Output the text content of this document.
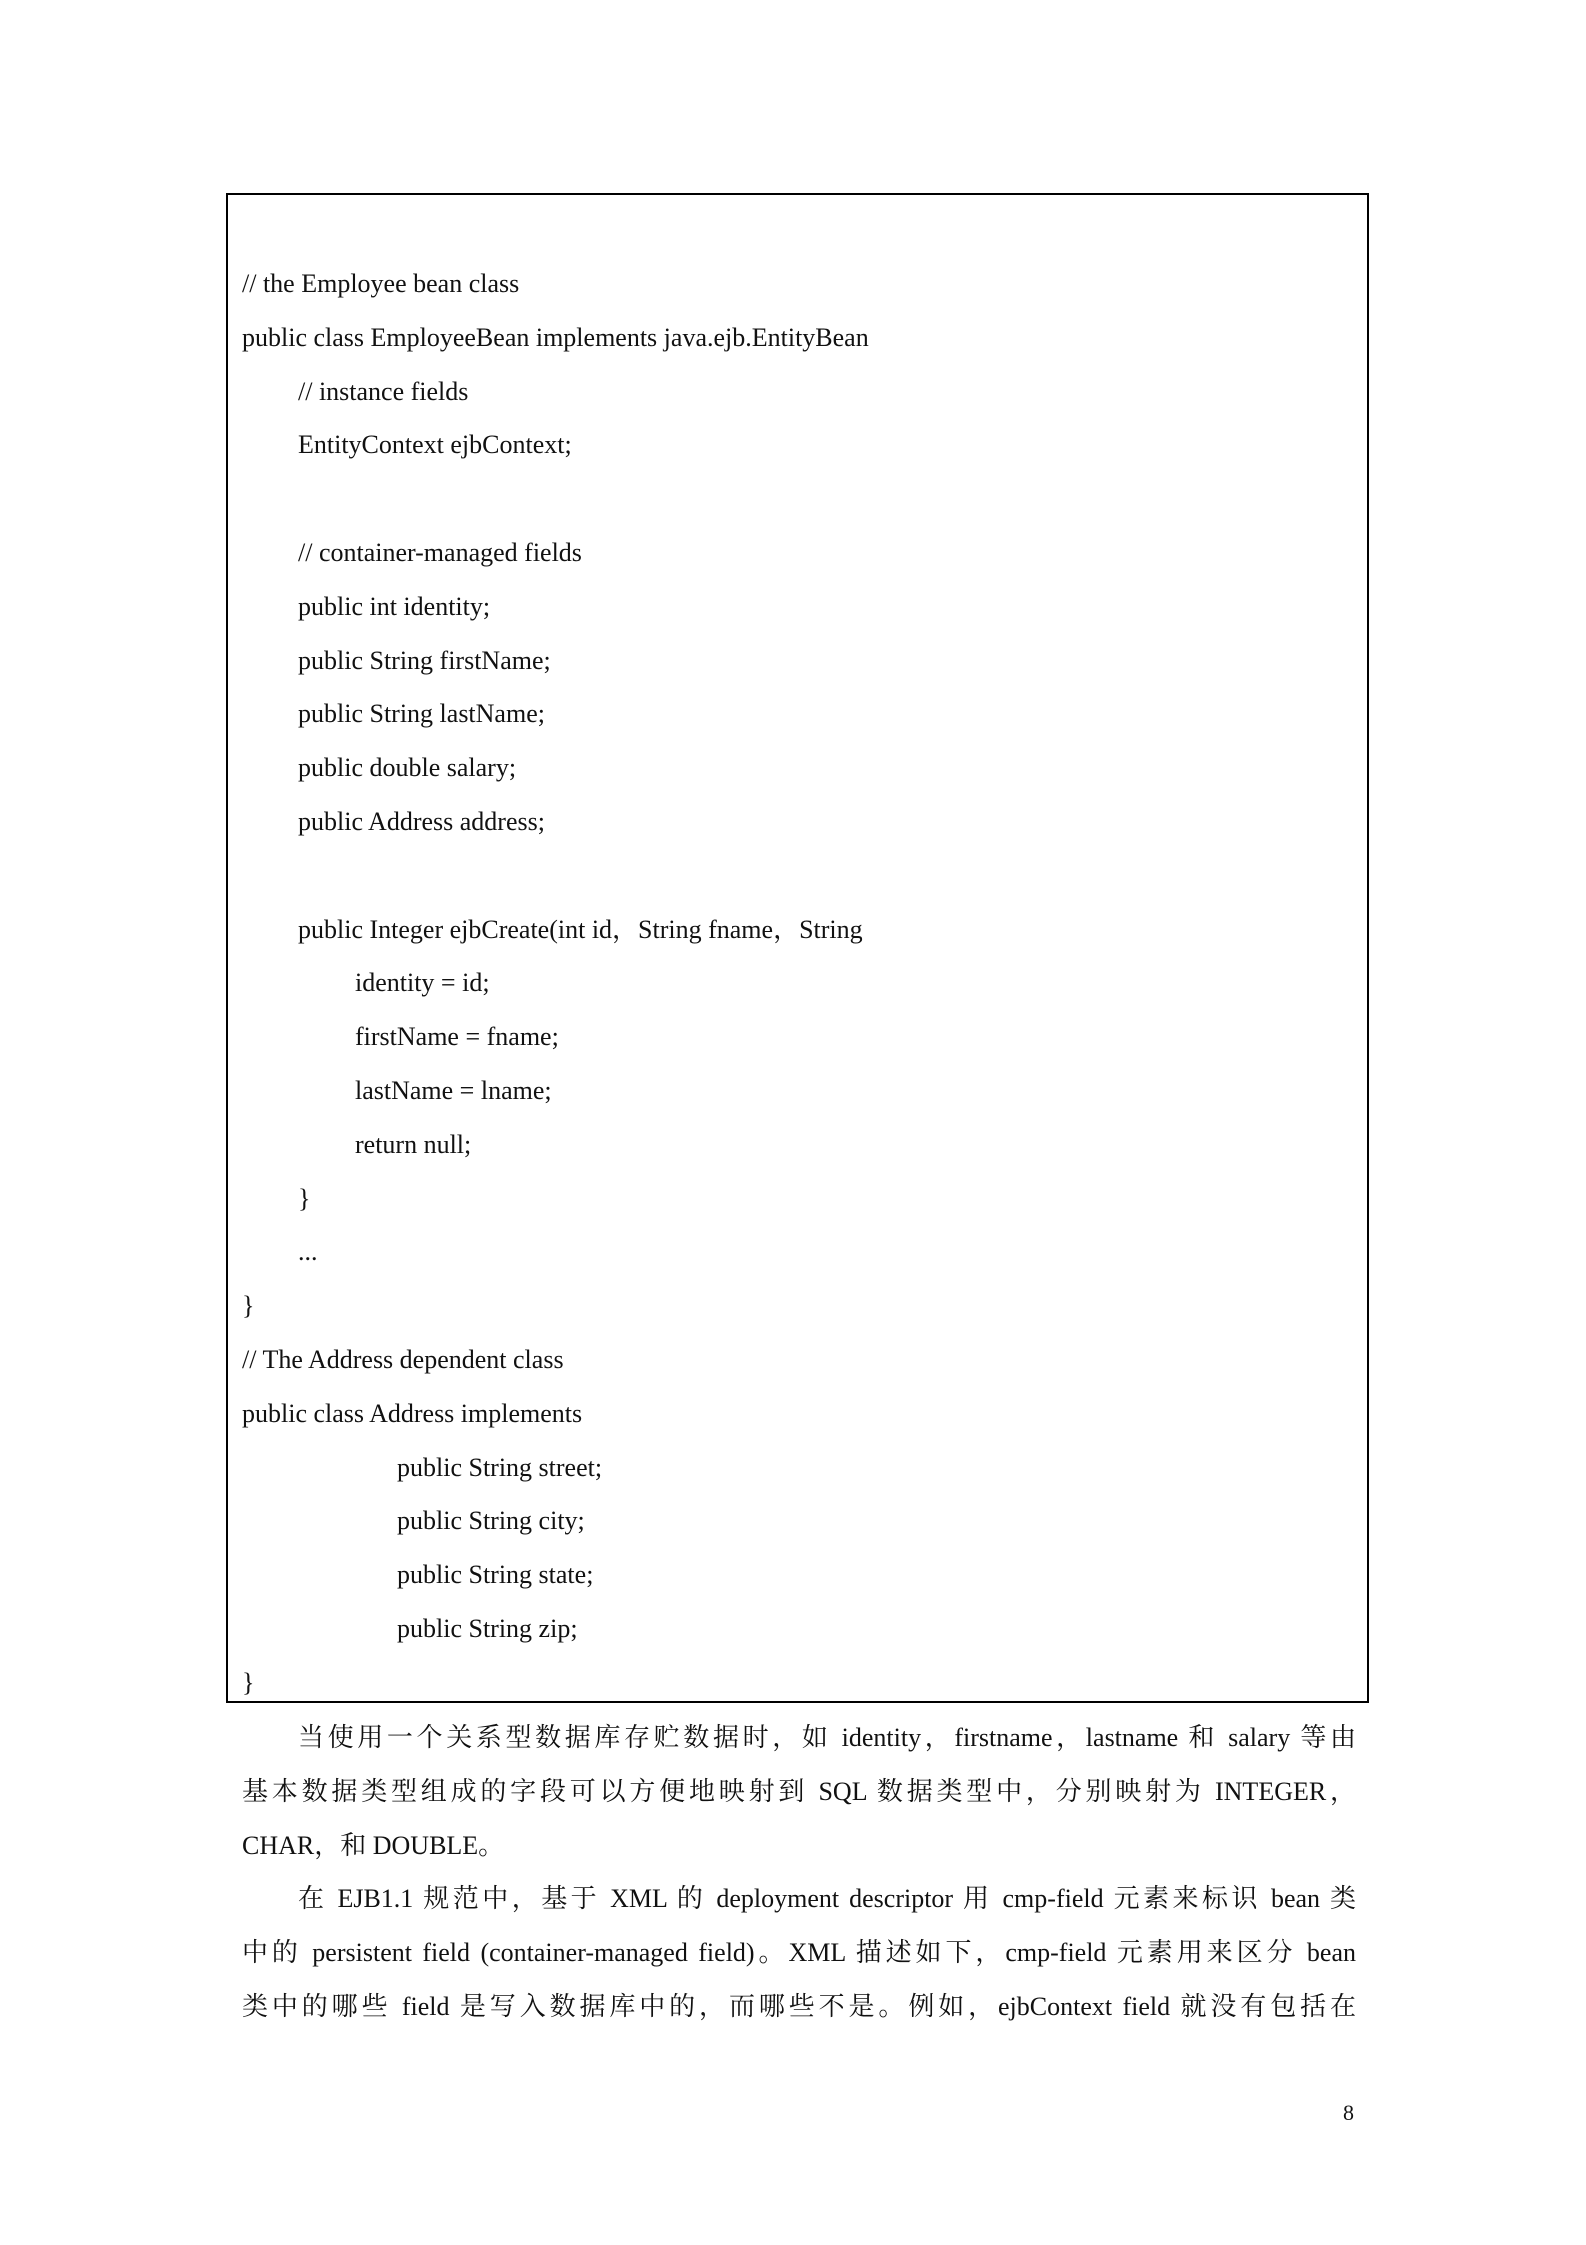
// the Employee bean class
public class EmployeeBean implements java.ejb.EntityBean
// instance fields
EntityContext ejbContext;
// container-managed fields
public int identity;
public String firstName;
public String lastName;
public double salary;
public Address address;
public Integer ejbCreate(int id，String fname，String
identity = id;
firstName = fname;
lastName = lname;
return null;
}
...
}
// The Address dependent class
public class Address implements
public String street;
public String city;
public String state;
public String zip;
}
当使用一个关系型数据库存贮数据时，如 identity，firstname，lastname 和 salary 等由
基本数据类型组成的字段可以方便地映射到 SQL 数据类型中，分别映射为 INTEGER，
CHAR，和 DOUBLE。
在 EJB1.1 规范中，基于 XML 的 deployment descriptor 用 cmp-field 元素来标识 bean 类
中的 persistent field (container-managed field)。XML 描述如下，cmp-field 元素用来区分 bean
类中的哪些 field 是写入数据库中的，而哪些不是。例如，ejbContext field 就没有包括在
8
